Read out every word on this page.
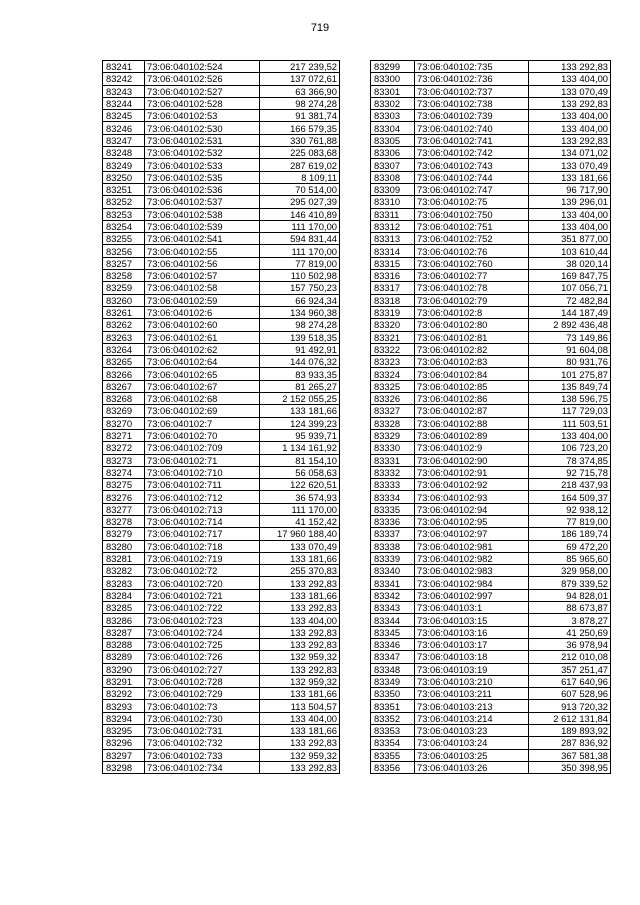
719
83241	73:06:040102:524	217 239,52
83242	73:06:040102:526	137 072,61
83243	73:06:040102:527	63 366,90
83244	73:06:040102:528	98 274,28
83245	73:06:040102:53	91 381,74
83246	73:06:040102:530	166 579,35
83247	73:06:040102:531	330 761,88
83248	73:06:040102:532	225 083,68
83249	73:06:040102:533	287 619,02
83250	73:06:040102:535	8 109,11
83251	73:06:040102:536	70 514,00
83252	73:06:040102:537	295 027,39
83253	73:06:040102:538	146 410,89
83254	73:06:040102:539	111 170,00
83255	73:06:040102:541	594 831,44
83256	73:06:040102:55	111 170,00
83257	73:06:040102:56	77 819,00
83258	73:06:040102:57	110 502,98
83259	73:06:040102:58	157 750,23
83260	73:06:040102:59	66 924,34
83261	73:06:040102:6	134 960,38
83262	73:06:040102:60	98 274,28
83263	73:06:040102:61	139 518,35
83264	73:06:040102:62	91 492,91
83265	73:06:040102:64	144 076,32
83266	73:06:040102:65	83 933,35
83267	73:06:040102:67	81 265,27
83268	73:06:040102:68	2 152 055,25
83269	73:06:040102:69	133 181,66
83270	73:06:040102:7	124 399,23
83271	73:06:040102:70	95 939,71
83272	73:06:040102:709	1 134 161,92
83273	73:06:040102:71	81 154,10
83274	73:06:040102:710	56 058,63
83275	73:06:040102:711	122 620,51
83276	73:06:040102:712	36 574,93
83277	73:06:040102:713	111 170,00
83278	73:06:040102:714	41 152,42
83279	73:06:040102:717	17 960 188,40
83280	73:06:040102:718	133 070,49
83281	73:06:040102:719	133 181,66
83282	73:06:040102:72	255 370,83
83283	73:06:040102:720	133 292,83
83284	73:06:040102:721	133 181,66
83285	73:06:040102:722	133 292,83
83286	73:06:040102:723	133 404,00
83287	73:06:040102:724	133 292,83
83288	73:06:040102:725	133 292,83
83289	73:06:040102:726	132 959,32
83290	73:06:040102:727	133 292,83
83291	73:06:040102:728	132 959,32
83292	73:06:040102:729	133 181,66
83293	73:06:040102:73	113 504,57
83294	73:06:040102:730	133 404,00
83295	73:06:040102:731	133 181,66
83296	73:06:040102:732	133 292,83
83297	73:06:040102:733	132 959,32
83298	73:06:040102:734	133 292,83
83299	73:06:040102:735	133 292,83
83300	73:06:040102:736	133 404,00
83301	73:06:040102:737	133 070,49
83302	73:06:040102:738	133 292,83
83303	73:06:040102:739	133 404,00
83304	73:06:040102:740	133 404,00
83305	73:06:040102:741	133 292,83
83306	73:06:040102:742	134 071,02
83307	73:06:040102:743	133 070,49
83308	73:06:040102:744	133 181,66
83309	73:06:040102:747	96 717,90
83310	73:06:040102:75	139 296,01
83311	73:06:040102:750	133 404,00
83312	73:06:040102:751	133 404,00
83313	73:06:040102:752	351 877,00
83314	73:06:040102:76	103 610,44
83315	73:06:040102:760	38 020,14
83316	73:06:040102:77	169 847,75
83317	73:06:040102:78	107 056,71
83318	73:06:040102:79	72 482,84
83319	73:06:040102:8	144 187,49
83320	73:06:040102:80	2 892 436,48
83321	73:06:040102:81	73 149,86
83322	73:06:040102:82	91 604,08
83323	73:06:040102:83	80 931,76
83324	73:06:040102:84	101 275,87
83325	73:06:040102:85	135 849,74
83326	73:06:040102:86	138 596,75
83327	73:06:040102:87	117 729,03
83328	73:06:040102:88	111 503,51
83329	73:06:040102:89	133 404,00
83330	73:06:040102:9	106 723,20
83331	73:06:040102:90	78 374,85
83332	73:06:040102:91	92 715,78
83333	73:06:040102:92	218 437,93
83334	73:06:040102:93	164 509,37
83335	73:06:040102:94	92 938,12
83336	73:06:040102:95	77 819,00
83337	73:06:040102:97	186 189,74
83338	73:06:040102:981	69 472,20
83339	73:06:040102:982	85 965,60
83340	73:06:040102:983	329 958,00
83341	73:06:040102:984	879 339,52
83342	73:06:040102:997	94 828,01
83343	73:06:040103:1	88 673,87
83344	73:06:040103:15	3 878,27
83345	73:06:040103:16	41 250,69
83346	73:06:040103:17	36 978,94
83347	73:06:040103:18	212 010,08
83348	73:06:040103:19	357 251,47
83349	73:06:040103:210	617 640,96
83350	73:06:040103:211	607 528,96
83351	73:06:040103:213	913 720,32
83352	73:06:040103:214	2 612 131,84
83353	73:06:040103:23	189 893,92
83354	73:06:040103:24	287 836,92
83355	73:06:040103:25	367 581,38
83356	73:06:040103:26	350 398,95
